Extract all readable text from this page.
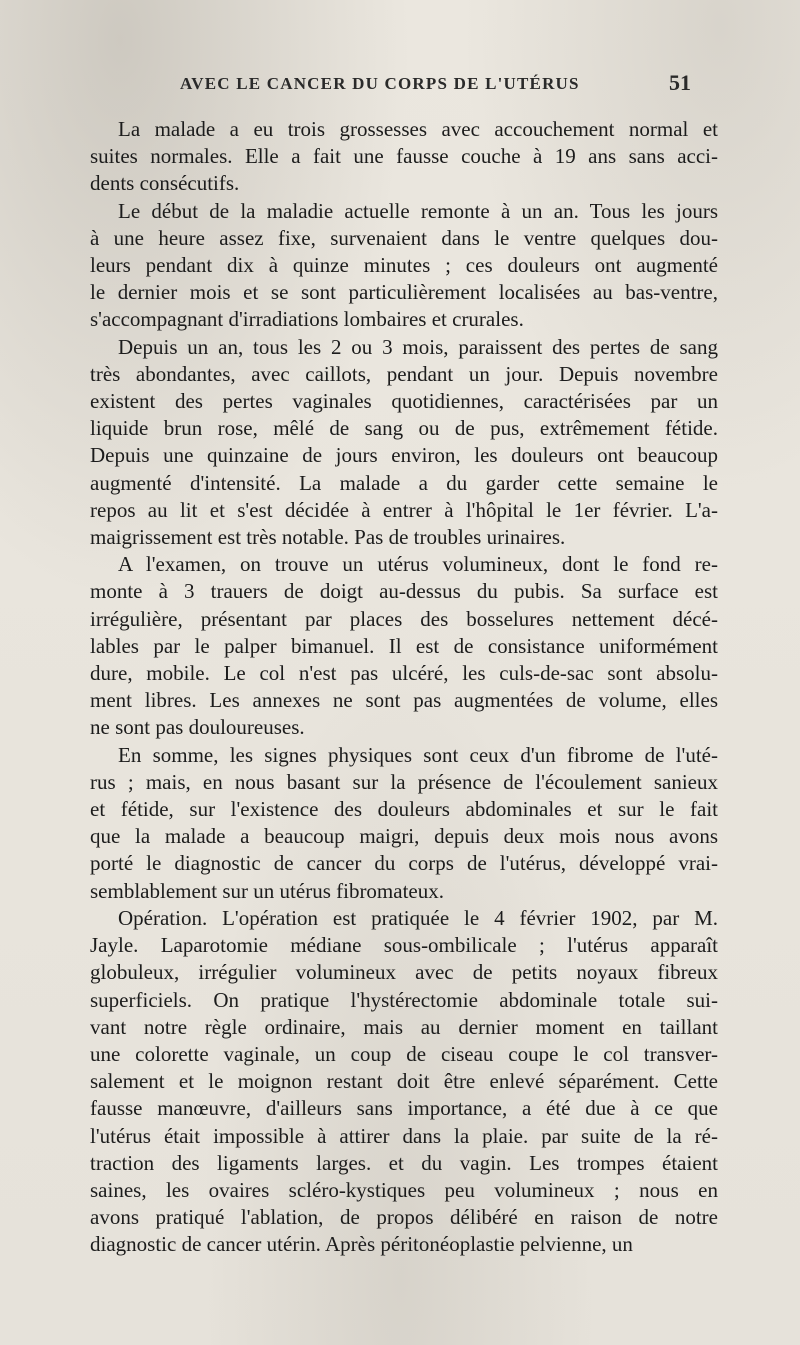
AVEC LE CANCER DU CORPS DE L'UTÉRUS	51
La malade a eu trois grossesses avec accouchement normal et
suites normales. Elle a fait une fausse couche à 19 ans sans acci-
dents consécutifs.
Le début de la maladie actuelle remonte à un an. Tous les jours
à une heure assez fixe, survenaient dans le ventre quelques dou-
leurs pendant dix à quinze minutes ; ces douleurs ont augmenté
le dernier mois et se sont particulièrement localisées au bas-ventre,
s'accompagnant d'irradiations lombaires et crurales.
Depuis un an, tous les 2 ou 3 mois, paraissent des pertes de sang
très abondantes, avec caillots, pendant un jour. Depuis novembre
existent des pertes vaginales quotidiennes, caractérisées par un
liquide brun rose, mêlé de sang ou de pus, extrêmement fétide.
Depuis une quinzaine de jours environ, les douleurs ont beaucoup
augmenté d'intensité. La malade a du garder cette semaine le
repos au lit et s'est décidée à entrer à l'hôpital le 1er février. L'a-
maigrissement est très notable. Pas de troubles urinaires.
A l'examen, on trouve un utérus volumineux, dont le fond re-
monte à 3 trauers de doigt au-dessus du pubis. Sa surface est
irrégulière, présentant par places des bosselures nettement décé-
lables par le palper bimanuel. Il est de consistance uniformément
dure, mobile. Le col n'est pas ulcéré, les culs-de-sac sont absolu-
ment libres. Les annexes ne sont pas augmentées de volume, elles
ne sont pas douloureuses.
En somme, les signes physiques sont ceux d'un fibrome de l'uté-
rus ; mais, en nous basant sur la présence de l'écoulement sanieux
et fétide, sur l'existence des douleurs abdominales et sur le fait
que la malade a beaucoup maigri, depuis deux mois nous avons
porté le diagnostic de cancer du corps de l'utérus, développé vrai-
semblablement sur un utérus fibromateux.
Opération. L'opération est pratiquée le 4 février 1902, par M.
Jayle. Laparotomie médiane sous-ombilicale ; l'utérus apparaît
globuleux, irrégulier volumineux avec de petits noyaux fibreux
superficiels. On pratique l'hystérectomie abdominale totale sui-
vant notre règle ordinaire, mais au dernier moment en taillant
une colorette vaginale, un coup de ciseau coupe le col transver-
salement et le moignon restant doit être enlevé séparément. Cette
fausse manœuvre, d'ailleurs sans importance, a été due à ce que
l'utérus était impossible à attirer dans la plaie. par suite de la ré-
traction des ligaments larges. et du vagin. Les trompes étaient
saines, les ovaires scléro-kystiques peu volumineux ; nous en
avons pratiqué l'ablation, de propos délibéré en raison de notre
diagnostic de cancer utérin. Après péritonéoplastie pelvienne, un
